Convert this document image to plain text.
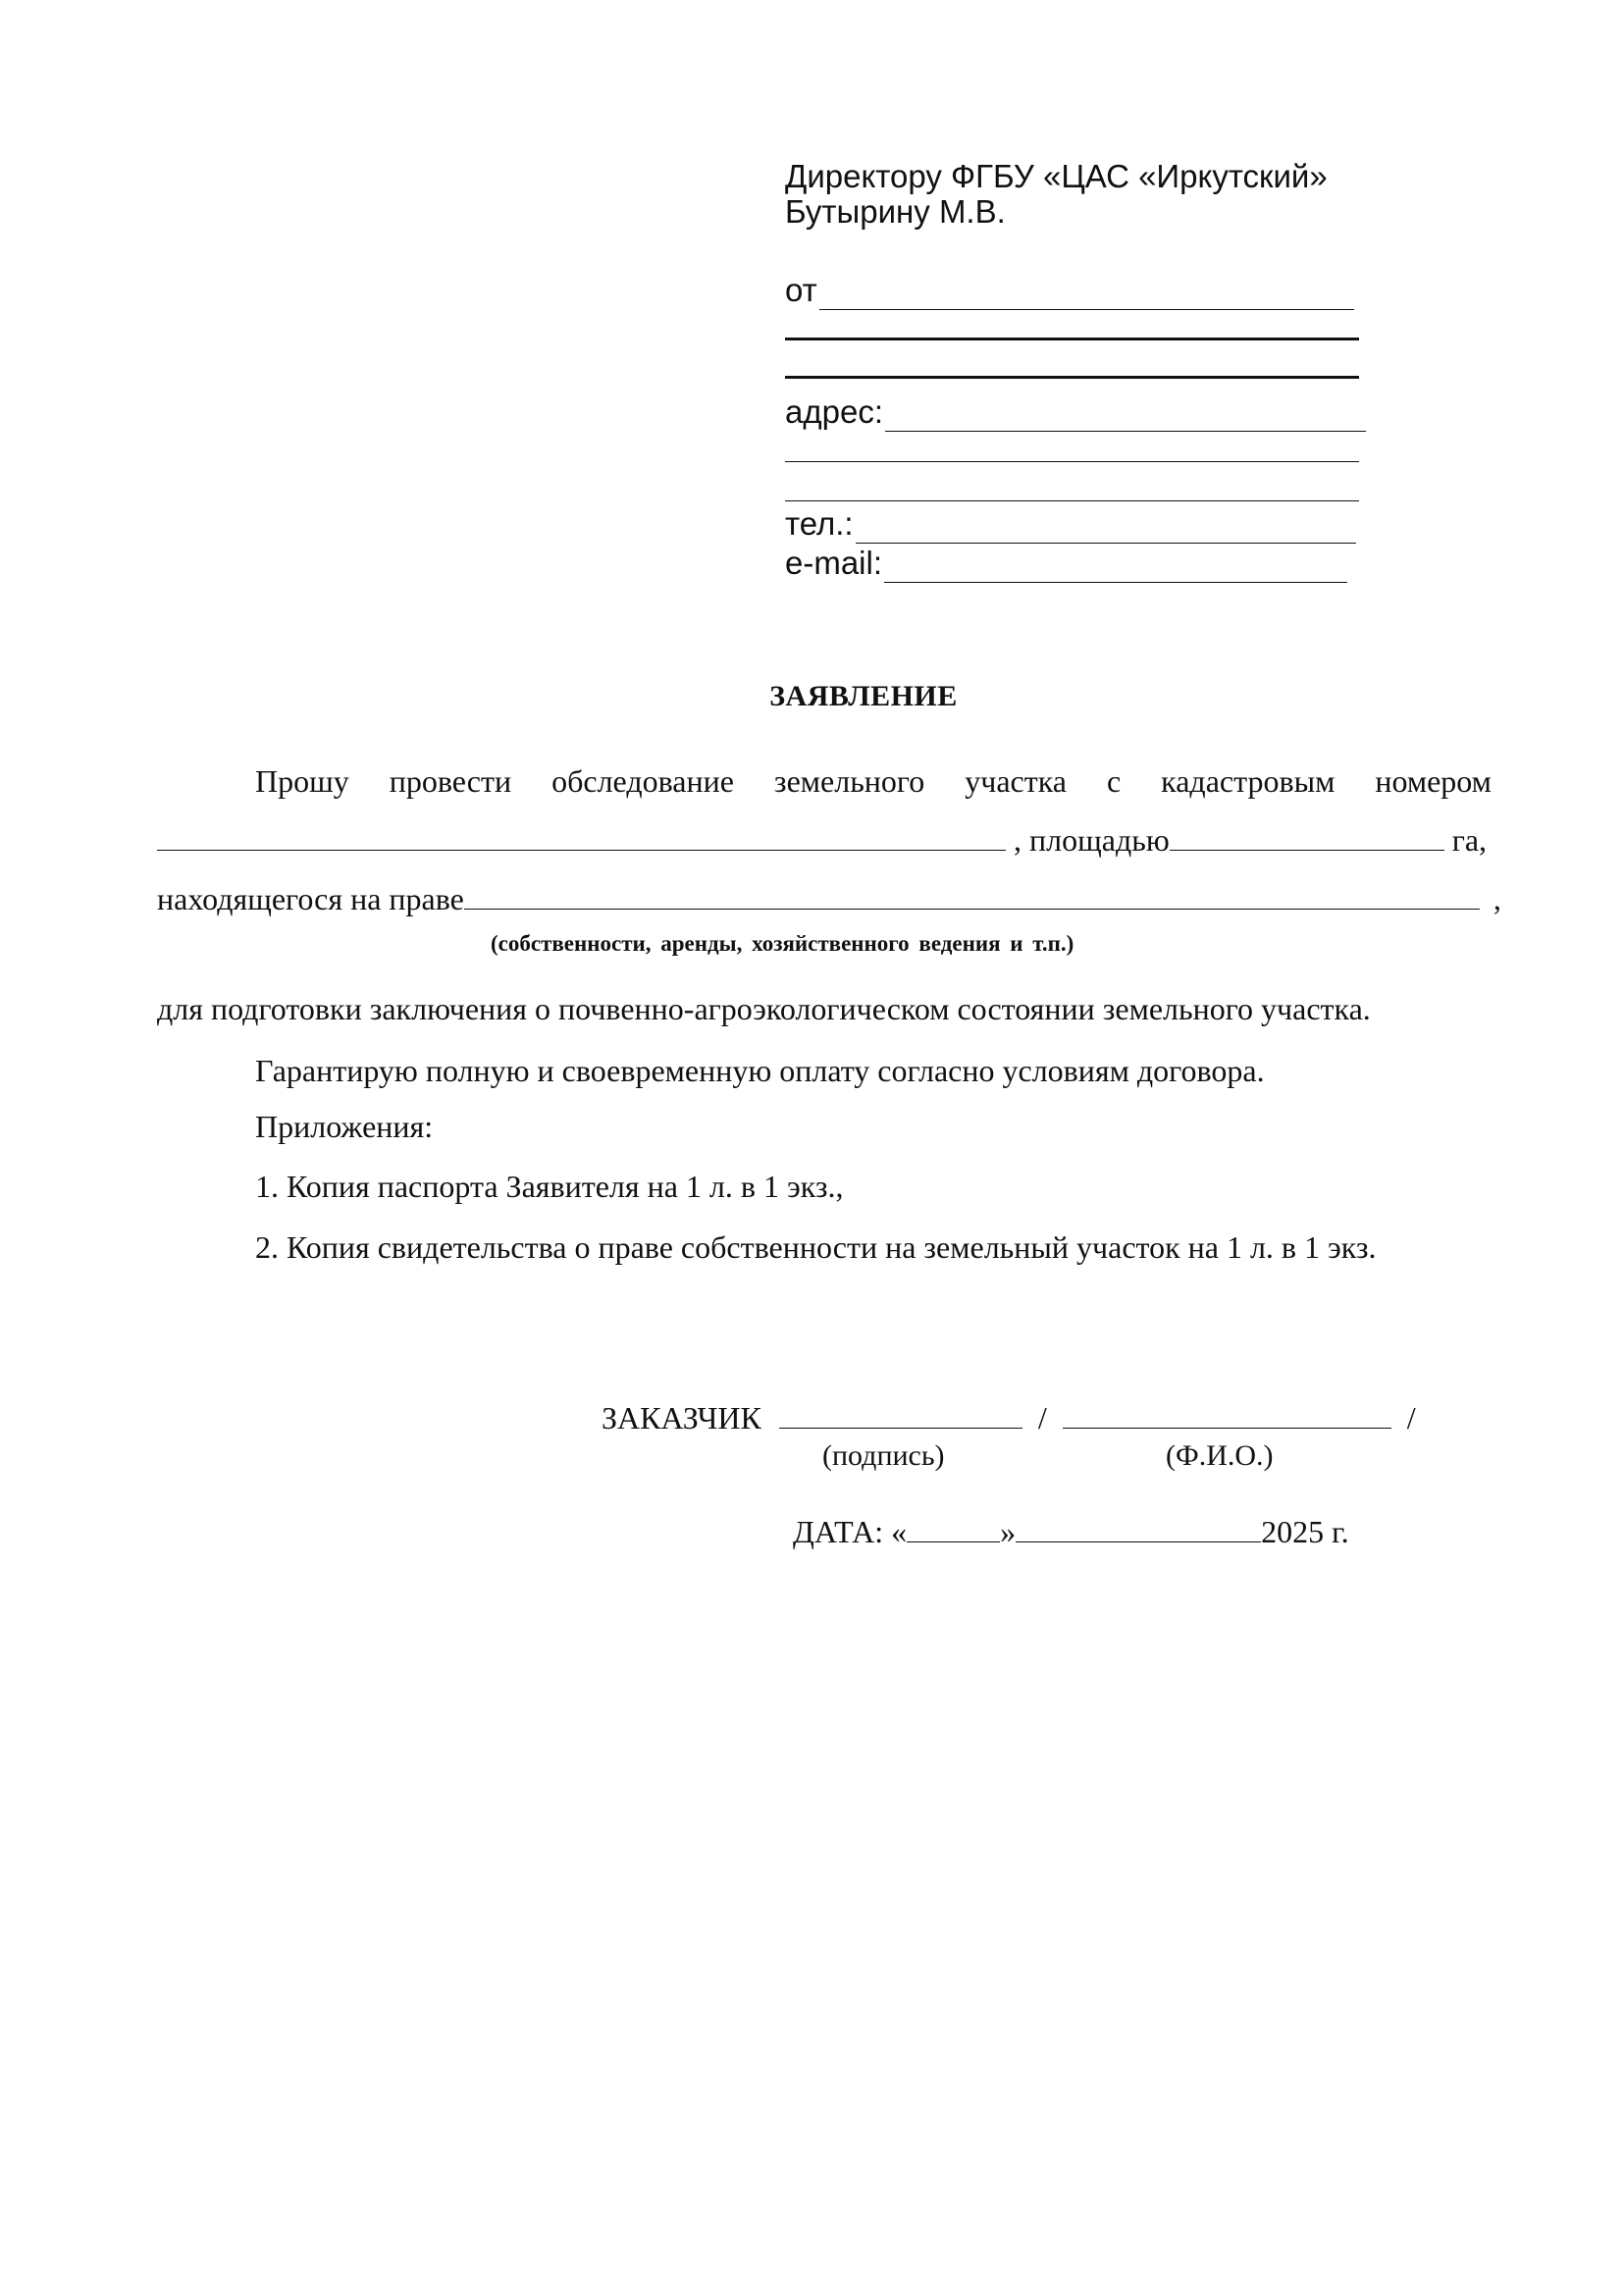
Директору ФГБУ «ЦАС «Иркутский»
Бутырину М.В.
от
адрес:
тел.:
e-mail:
ЗАЯВЛЕНИЕ
Прошу провести обследование земельного участка с кадастровым номером
, площадью	га,
находящегося на праве	,
(собственности, аренды, хозяйственного ведения и т.п.)
для подготовки заключения о почвенно-агроэкологическом состоянии земельного участка.
Гарантирую полную и своевременную оплату согласно условиям договора.
Приложения:
1. Копия паспорта Заявителя на 1 л. в 1 экз.,
2. Копия свидетельства о праве собственности на земельный участок на 1 л. в 1 экз.
ЗАКАЗЧИК	/	/
(подпись)	(Ф.И.О.)
ДАТА: «	»	2025 г.
